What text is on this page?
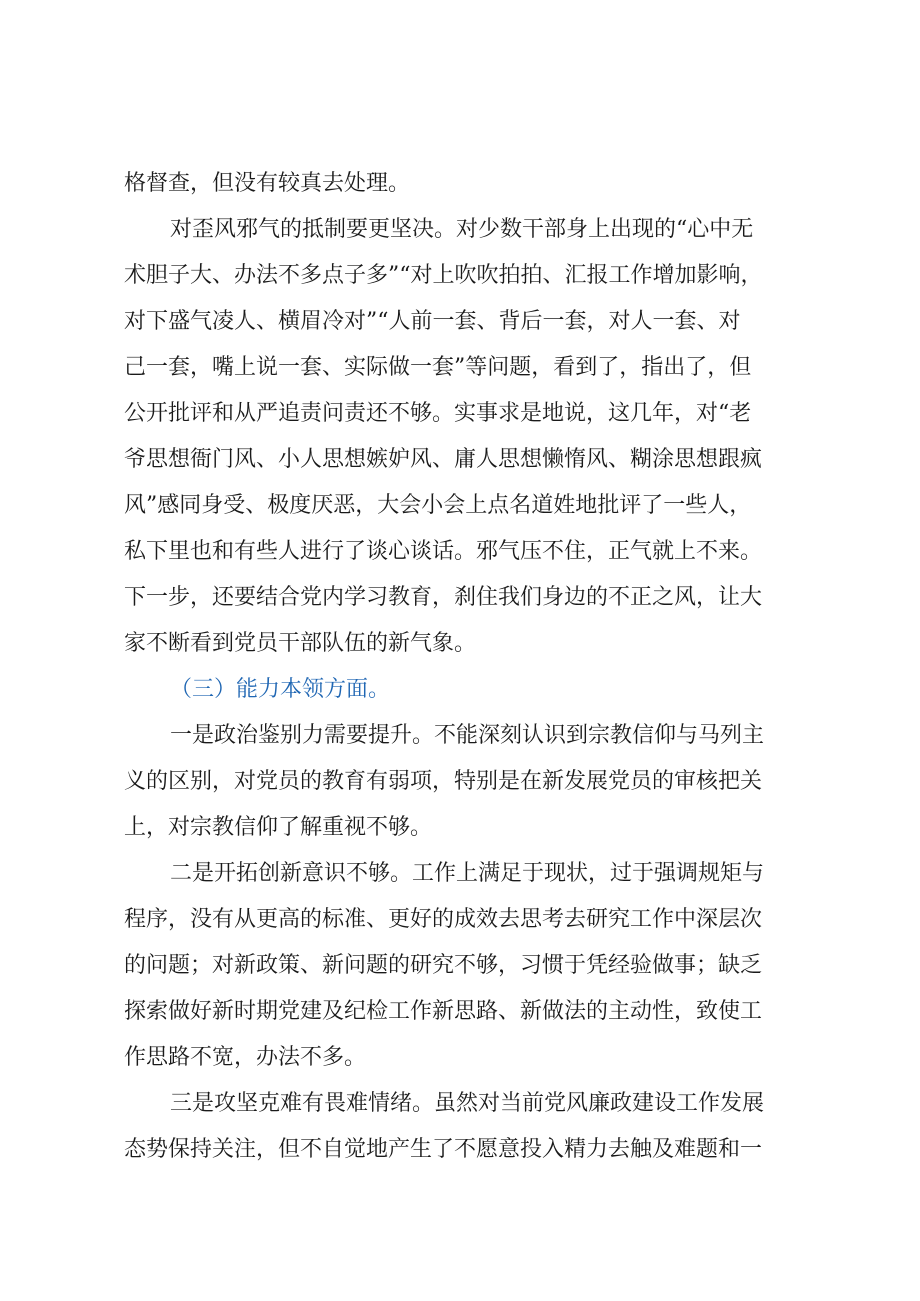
格督查，但没有较真去处理。
对歪风邪气的抵制要更坚决。对少数干部身上出现的“心中无
术胆子大、办法不多点子多”“对上吹吹拍拍、汇报工作增加影响，
对下盛气凌人、横眉冷对”“人前一套、背后一套，对人一套、对
己一套，嘴上说一套、实际做一套”等问题，看到了，指出了，但
公开批评和从严追责问责还不够。实事求是地说，这几年，对“老
爷思想衙门风、小人思想嫉妒风、庸人思想懒惰风、糊涂思想跟疯
风”感同身受、极度厌恶，大会小会上点名道姓地批评了一些人，
私下里也和有些人进行了谈心谈话。邪气压不住，正气就上不来。
下一步，还要结合党内学习教育，刹住我们身边的不正之风，让大
家不断看到党员干部队伍的新气象。
（三）能力本领方面。
一是政治鉴别力需要提升。不能深刻认识到宗教信仰与马列主
义的区别，对党员的教育有弱项，特别是在新发展党员的审核把关
上，对宗教信仰了解重视不够。
二是开拓创新意识不够。工作上满足于现状，过于强调规矩与
程序，没有从更高的标准、更好的成效去思考去研究工作中深层次
的问题；对新政策、新问题的研究不够，习惯于凭经验做事；缺乏
探索做好新时期党建及纪检工作新思路、新做法的主动性，致使工
作思路不宽，办法不多。
三是攻坚克难有畏难情绪。虽然对当前党风廉政建设工作发展
态势保持关注，但不自觉地产生了不愿意投入精力去触及难题和一
